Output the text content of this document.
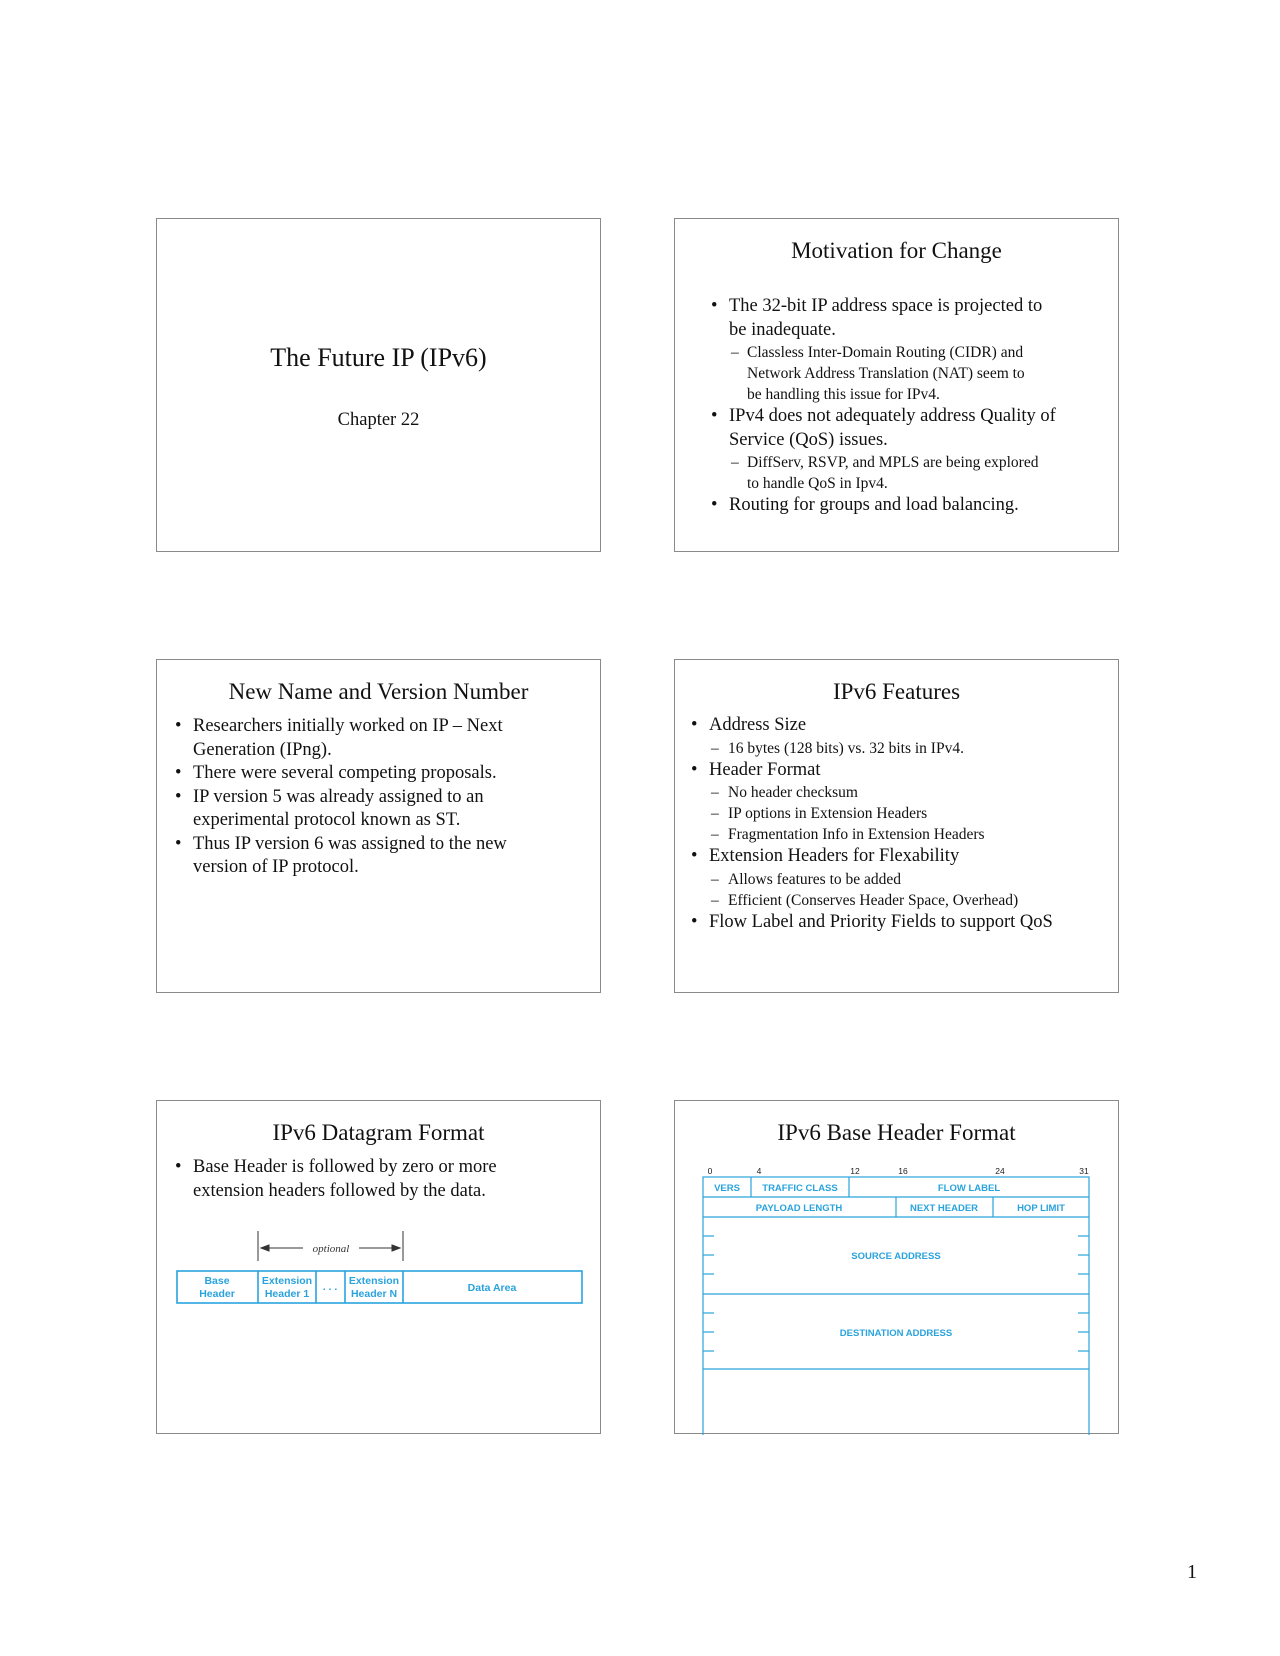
The Future IP (IPv6)
Chapter 22
Motivation for Change
• The 32-bit IP address space is projected to
be inadequate.
– Classless Inter-Domain Routing (CIDR) and
Network Address Translation (NAT) seem to
be handling this issue for IPv4.
• IPv4 does not adequately address Quality of
Service (QoS) issues.
– DiffServ, RSVP, and MPLS are being explored
to handle QoS in Ipv4.
• Routing for groups and load balancing.
New Name and Version Number
• Researchers initially worked on IP – Next
Generation (IPng).
• There were several competing proposals.
• IP version 5 was already assigned to an
experimental protocol known as ST.
• Thus IP version 6 was assigned to the new
version of IP protocol.
IPv6 Features
• Address Size
– 16 bytes (128 bits) vs. 32 bits in IPv4.
• Header Format
– No header checksum
– IP options in Extension Headers
– Fragmentation Info in Extension Headers
• Extension Headers for Flexability
– Allows features to be added
– Efficient (Conserves Header Space, Overhead)
• Flow Label and Priority Fields to support QoS
IPv6 Datagram Format
• Base Header is followed by zero or more
extension headers followed by the data.
optional
Base
Header
Extension
Header 1
. . . Extension
Header N	Data Area
IPv6 Base Header Format
0	4	12	16	24	31
VERS TRAFFIC CLASS	FLOW LABEL
PAYLOAD LENGTH	NEXT HEADER	HOP LIMIT
SOURCE ADDRESS
DESTINATION ADDRESS
1
